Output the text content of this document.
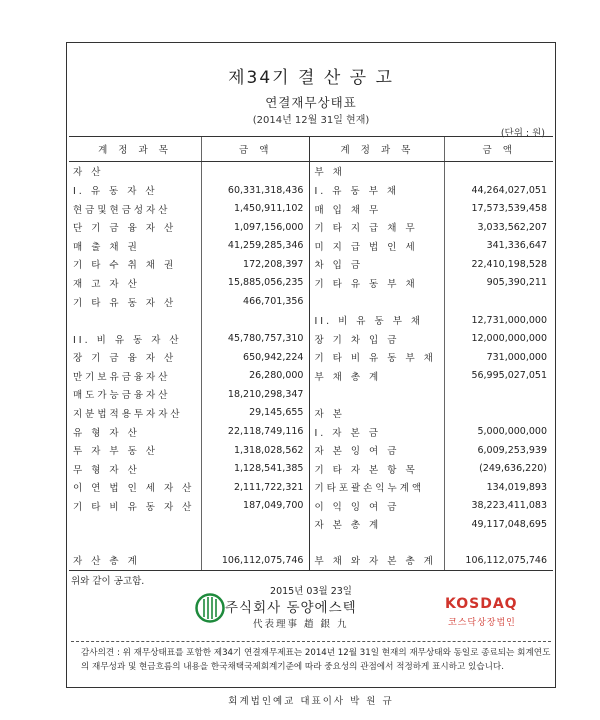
제34기 결 산 공 고
연결재무상태표
(2014년 12월 31일 현재)
(단위 : 원)
계 정 과 목	금 액	계 정 과 목	금 액
자 산		부 채	
I. 유 동 자 산	60,331,318,436	I. 유 동 부 채	44,264,027,051
현금및현금성자산	1,450,911,102	매 입 채 무	17,573,539,458
단 기 금 융 자 산	1,097,156,000	기 타 지 급 채 무	3,033,562,207
매 출 채 권	41,259,285,346	미 지 급 법 인 세	341,336,647
기 타 수 취 채 권	172,208,397	차 입 금	22,410,198,528
재 고 자 산	15,885,056,235	기 타 유 동 부 채	905,390,211
기 타 유 동 자 산	466,701,356		
		II. 비 유 동 부 채	12,731,000,000
II. 비 유 동 자 산	45,780,757,310	장 기 차 입 금	12,000,000,000
장 기 금 융 자 산	650,942,224	기 타 비 유 동 부 채	731,000,000
만기보유금융자산	26,280,000	부 채 총 계	56,995,027,051
매도가능금융자산	18,210,298,347		
지분법적용투자자산	29,145,655	자 본	
유 형 자 산	22,118,749,116	I. 자 본 금	5,000,000,000
투 자 부 동 산	1,318,028,562	자 본 잉 여 금	6,009,253,939
무 형 자 산	1,128,541,385	기 타 자 본 항 목	(249,636,220)
이 연 법 인 세 자 산	2,111,722,321	기타포괄손익누계액	134,019,893
기 타 비 유 동 자 산	187,049,700	이 익 잉 여 금	38,223,411,083
		자 본 총 계	49,117,048,695

자 산 총 계	106,112,075,746	부 채 와 자 본 총 계	106,112,075,746
위와 같이 공고함.
2015년 03월 23일
주식회사 동양에스텍
代表理事 趙 銀 九
KOSDAQ
코스닥상장법인
감사의견 : 위 재무상태표를 포함한 제34기 연결재무제표는 2014년 12월 31일 현재의 재무상태와 동일로 종료되는 회계연도의 재무성과 및 현금흐름의 내용을 한국채택국제회계기준에 따라 중요성의 관점에서 적정하게 표시하고 있습니다.
회계법인예교 대표이사 박 원 규
